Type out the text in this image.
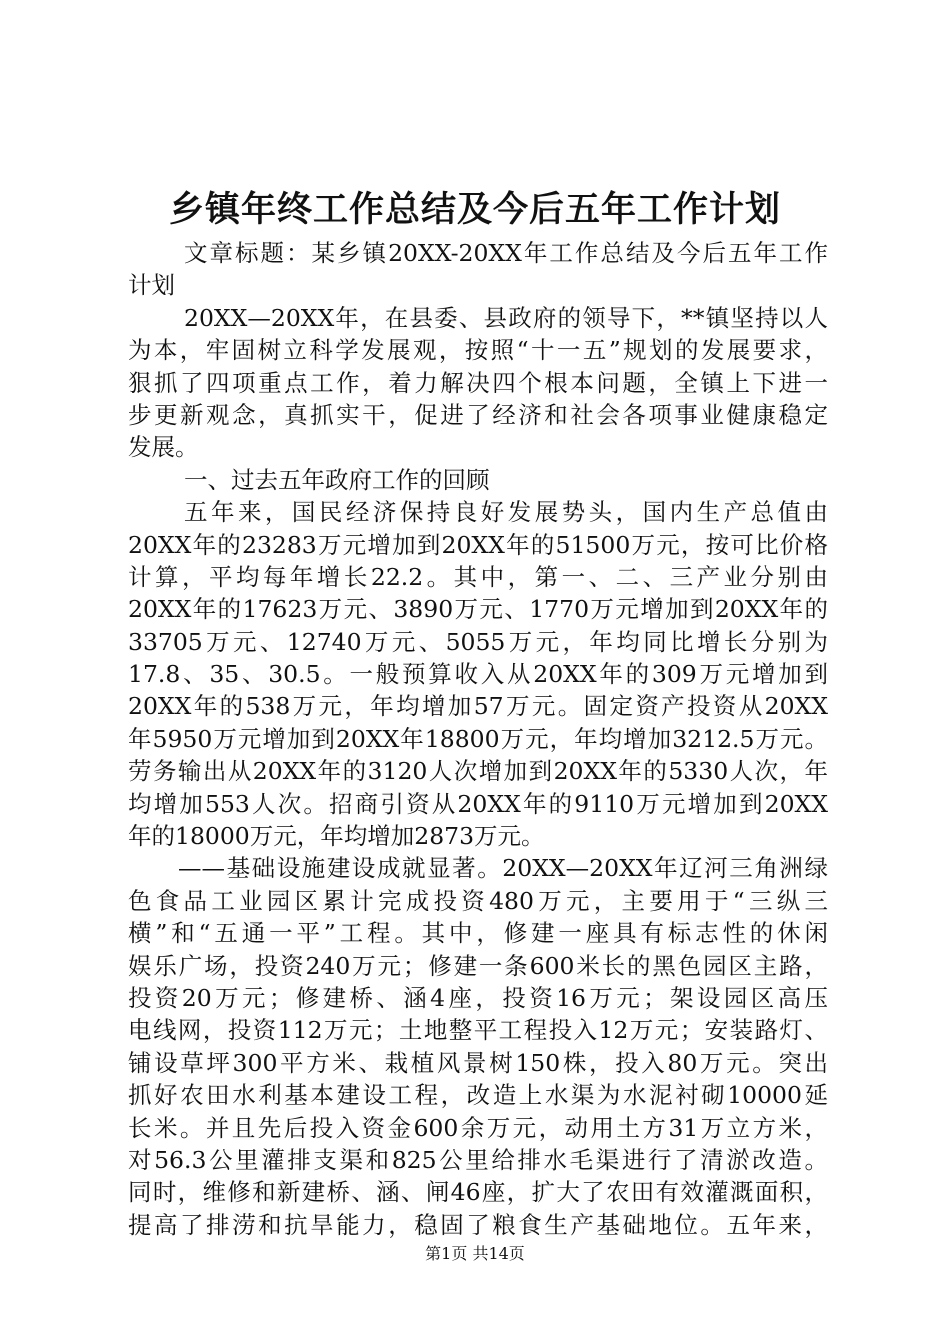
乡镇年终工作总结及今后五年工作计划
文章标题：某乡镇20XX-20XX年工作总结及今后五年工作
计划
20XX—20XX年，在县委、县政府的领导下，**镇坚持以人
为本，牢固树立科学发展观，按照“十一五”规划的发展要求，
狠抓了四项重点工作，着力解决四个根本问题，全镇上下进一
步更新观念，真抓实干，促进了经济和社会各项事业健康稳定
发展。
一、过去五年政府工作的回顾
五年来，国民经济保持良好发展势头，国内生产总值由
20XX年的23283万元增加到20XX年的51500万元，按可比价格
计算，平均每年增长22.2。其中，第一、二、三产业分别由
20XX年的17623万元、3890万元、1770万元增加到20XX年的
33705万元、12740万元、5055万元，年均同比增长分别为
17.8、35、30.5。一般预算收入从20XX年的309万元增加到
20XX年的538万元，年均增加57万元。固定资产投资从20XX
年5950万元增加到20XX年18800万元，年均增加3212.5万元。
劳务输出从20XX年的3120人次增加到20XX年的5330人次，年
均增加553人次。招商引资从20XX年的9110万元增加到20XX
年的18000万元，年均增加2873万元。
——基础设施建设成就显著。20XX—20XX年辽河三角洲绿
色食品工业园区累计完成投资480万元，主要用于“三纵三
横”和“五通一平”工程。其中，修建一座具有标志性的休闲
娱乐广场，投资240万元；修建一条600米长的黑色园区主路，
投资20万元；修建桥、涵4座，投资16万元；架设园区高压
电线网，投资112万元；土地整平工程投入12万元；安装路灯、
铺设草坪300平方米、栽植风景树150株，投入80万元。突出
抓好农田水利基本建设工程，改造上水渠为水泥衬砌10000延
长米。并且先后投入资金600余万元，动用土方31万立方米，
对56.3公里灌排支渠和825公里给排水毛渠进行了清淤改造。
同时，维修和新建桥、涵、闸46座，扩大了农田有效灌溉面积，
提高了排涝和抗旱能力，稳固了粮食生产基础地位。五年来，
第1页 共14页
